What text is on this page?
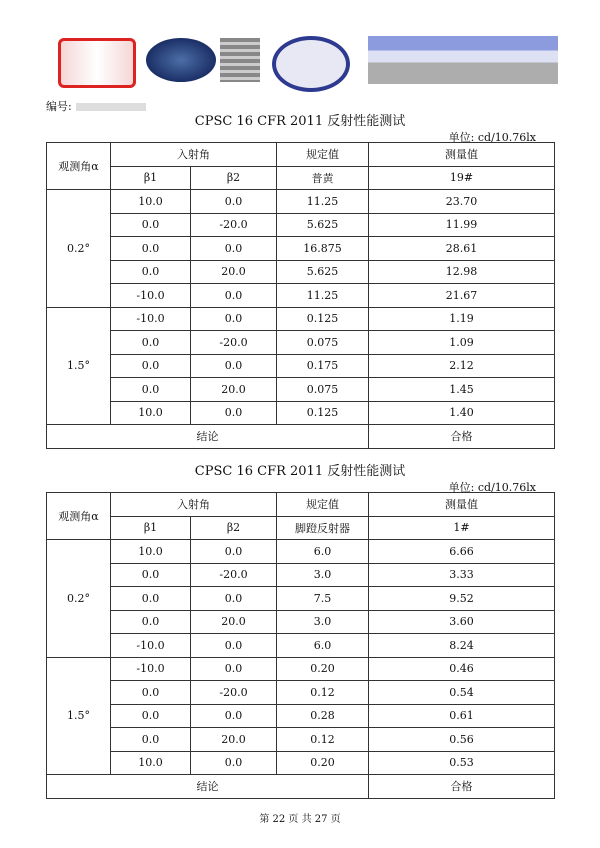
编号:
CPSC 16 CFR 2011 反射性能测试
单位: cd/10.76lx
观测角α	入射角		规定值	测量值
	β1	β2	普黄	19#
0.2°	10.0	0.0	11.25	23.70
	0.0	-20.0	5.625	11.99
	0.0	0.0	16.875	28.61
	0.0	20.0	5.625	12.98
	-10.0	0.0	11.25	21.67
1.5°	-10.0	0.0	0.125	1.19
	0.0	-20.0	0.075	1.09
	0.0	0.0	0.175	2.12
	0.0	20.0	0.075	1.45
	10.0	0.0	0.125	1.40
结论				合格
CPSC 16 CFR 2011 反射性能测试
单位: cd/10.76lx
观测角α	入射角		规定值	测量值
	β1	β2	脚蹬反射器	1#
0.2°	10.0	0.0	6.0	6.66
	0.0	-20.0	3.0	3.33
	0.0	0.0	7.5	9.52
	0.0	20.0	3.0	3.60
	-10.0	0.0	6.0	8.24
1.5°	-10.0	0.0	0.20	0.46
	0.0	-20.0	0.12	0.54
	0.0	0.0	0.28	0.61
	0.0	20.0	0.12	0.56
	10.0	0.0	0.20	0.53
结论				合格
第 22 页 共 27 页
